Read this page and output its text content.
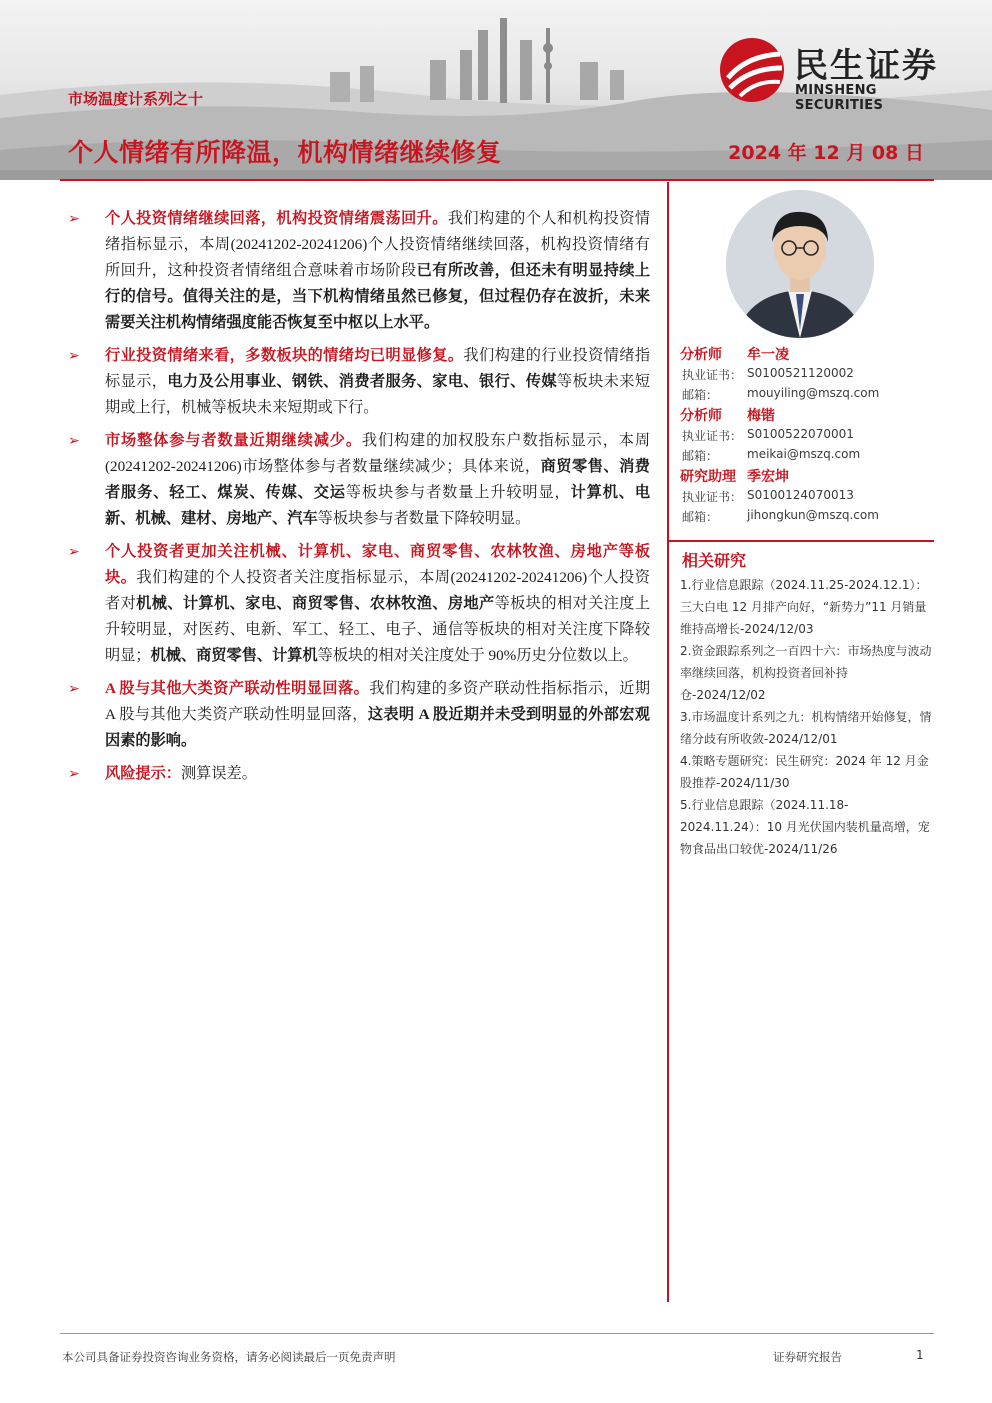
民生证券
MINSHENG SECURITIES
市场温度计系列之十
个人情绪有所降温，机构情绪继续修复	2024 年 12 月 08 日
➢ 个人投资情绪继续回落，机构投资情绪震荡回升。我们构建的个人和机构投资情绪指标显示，本周(20241202-20241206)个人投资情绪继续回落，机构投资情绪有所回升，这种投资者情绪组合意味着市场阶段已有所改善，但还未有明显持续上行的信号。值得关注的是，当下机构情绪虽然已修复，但过程仍存在波折，未来需要关注机构情绪强度能否恢复至中枢以上水平。
➢ 行业投资情绪来看，多数板块的情绪均已明显修复。我们构建的行业投资情绪指标显示，电力及公用事业、钢铁、消费者服务、家电、银行、传媒等板块未来短期或上行，机械等板块未来短期或下行。
➢ 市场整体参与者数量近期继续减少。我们构建的加权股东户数指标显示，本周(20241202-20241206)市场整体参与者数量继续减少；具体来说，商贸零售、消费者服务、轻工、煤炭、传媒、交运等板块参与者数量上升较明显，计算机、电新、机械、建材、房地产、汽车等板块参与者数量下降较明显。
➢ 个人投资者更加关注机械、计算机、家电、商贸零售、农林牧渔、房地产等板块。我们构建的个人投资者关注度指标显示，本周(20241202-20241206)个人投资者对机械、计算机、家电、商贸零售、农林牧渔、房地产等板块的相对关注度上升较明显，对医药、电新、军工、轻工、电子、通信等板块的相对关注度下降较明显；机械、商贸零售、计算机等板块的相对关注度处于 90%历史分位数以上。
➢ A 股与其他大类资产联动性明显回落。我们构建的多资产联动性指标指示，近期 A 股与其他大类资产联动性明显回落，这表明 A 股近期并未受到明显的外部宏观因素的影响。
➢ 风险提示：测算误差。
分析师 牟一凌
执业证书： S0100521120002
邮箱： mouyiling@mszq.com
分析师 梅锴
执业证书： S0100522070001
邮箱： meikai@mszq.com
研究助理 季宏坤
执业证书： S0100124070013
邮箱： jihongkun@mszq.com
相关研究
1.行业信息跟踪（2024.11.25-2024.12.1）：三大白电 12 月排产向好，“新势力”11 月销量维持高增长-2024/12/03
2.资金跟踪系列之一百四十六：市场热度与波动率继续回落，机构投资者回补持仓-2024/12/02
3.市场温度计系列之九：机构情绪开始修复，情绪分歧有所收敛-2024/12/01
4.策略专题研究：民生研究：2024 年 12 月金股推荐-2024/11/30
5.行业信息跟踪（2024.11.18-2024.11.24）：10 月光伏国内装机量高增，宠物食品出口较优-2024/11/26
本公司具备证券投资咨询业务资格，请务必阅读最后一页免责声明	证券研究报告	1
